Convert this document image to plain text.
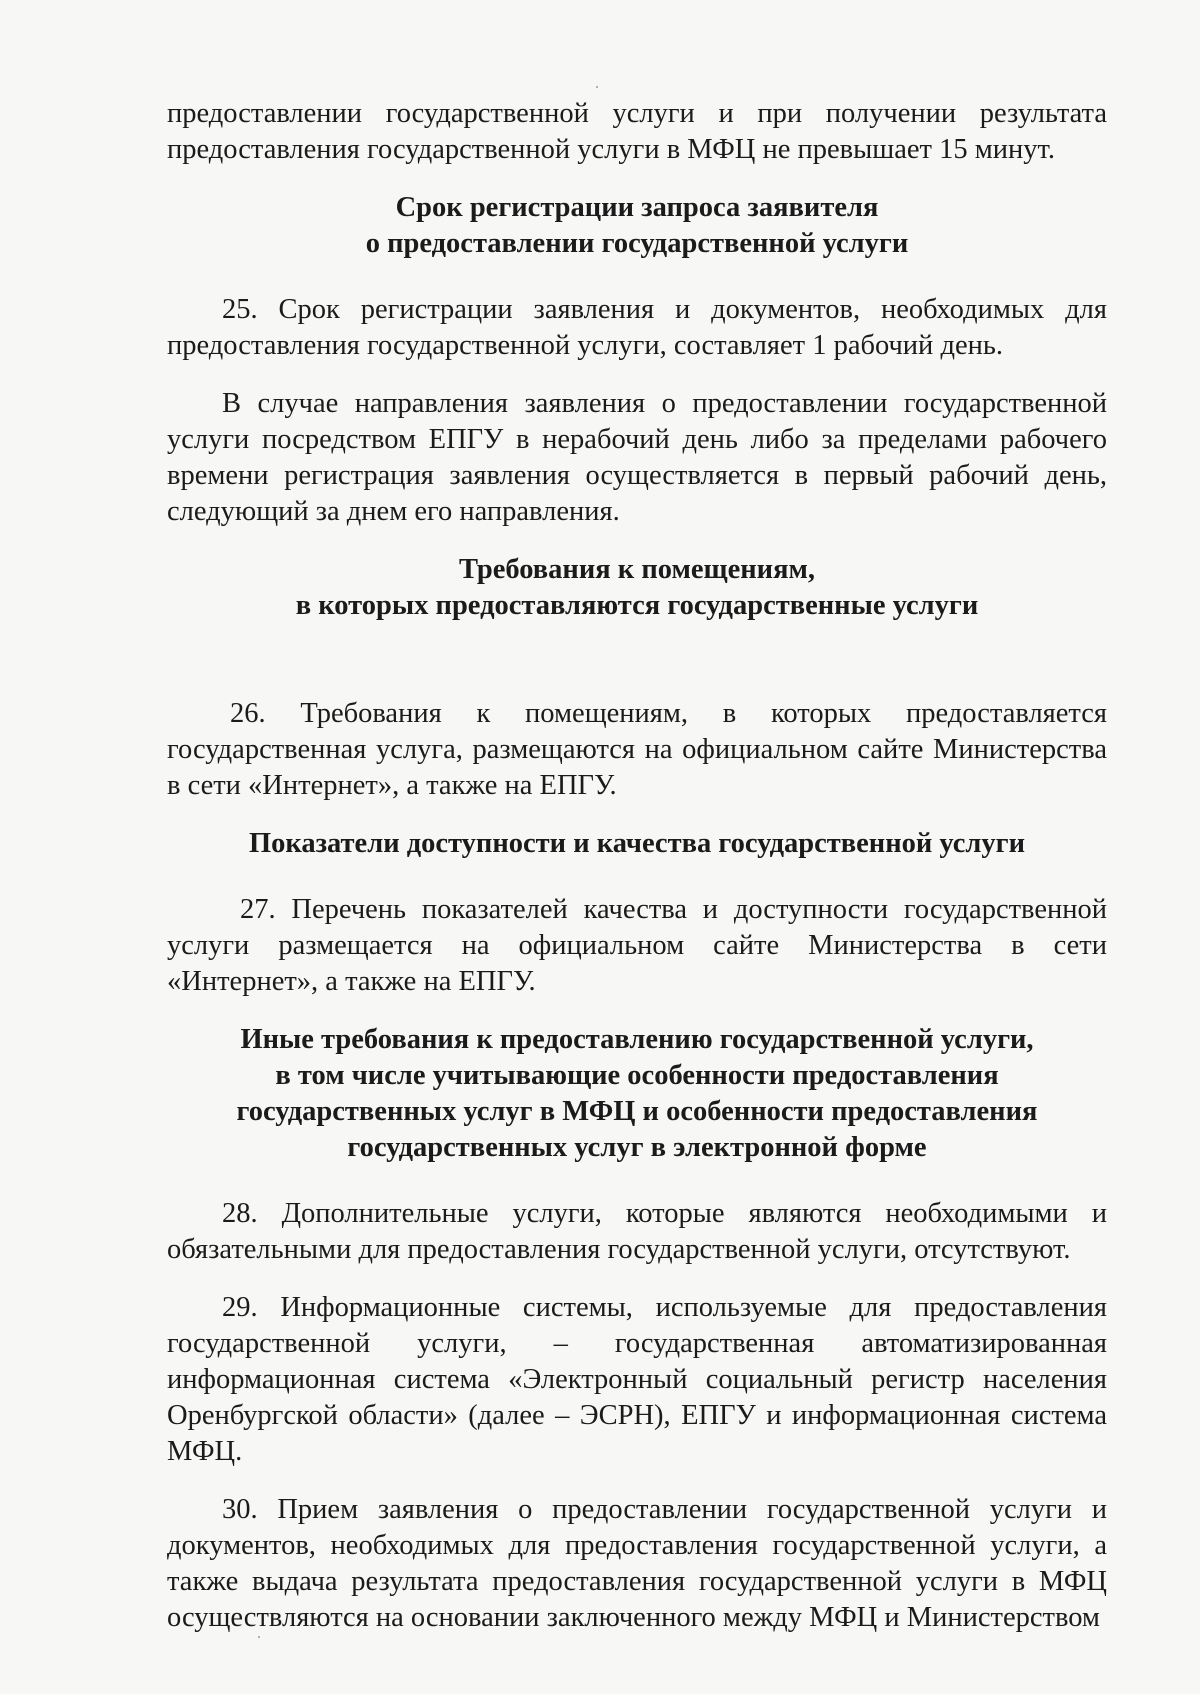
предоставлении государственной услуги и при получении результата предоставления государственной услуги в МФЦ не превышает 15 минут.

Срок регистрации запроса заявителя
о предоставлении государственной услуги

25. Срок регистрации заявления и документов, необходимых для предоставления государственной услуги, составляет 1 рабочий день.

В случае направления заявления о предоставлении государственной услуги посредством ЕПГУ в нерабочий день либо за пределами рабочего времени регистрация заявления осуществляется в первый рабочий день, следующий за днем его направления.

Требования к помещениям,
в которых предоставляются государственные услуги

26. Требования к помещениям, в которых предоставляется государственная услуга, размещаются на официальном сайте Министерства в сети «Интернет», а также на ЕПГУ.

Показатели доступности и качества государственной услуги

27. Перечень показателей качества и доступности государственной услуги размещается на официальном сайте Министерства в сети «Интернет», а также на ЕПГУ.

Иные требования к предоставлению государственной услуги,
в том числе учитывающие особенности предоставления
государственных услуг в МФЦ и особенности предоставления
государственных услуг в электронной форме

28. Дополнительные услуги, которые являются необходимыми и обязательными для предоставления государственной услуги, отсутствуют.

29. Информационные системы, используемые для предоставления государственной услуги, – государственная автоматизированная информационная система «Электронный социальный регистр населения Оренбургской области» (далее – ЭСРН), ЕПГУ и информационная система МФЦ.

30. Прием заявления о предоставлении государственной услуги и документов, необходимых для предоставления государственной услуги, а также выдача результата предоставления государственной услуги в МФЦ осуществляются на основании заключенного между МФЦ и Министерством
